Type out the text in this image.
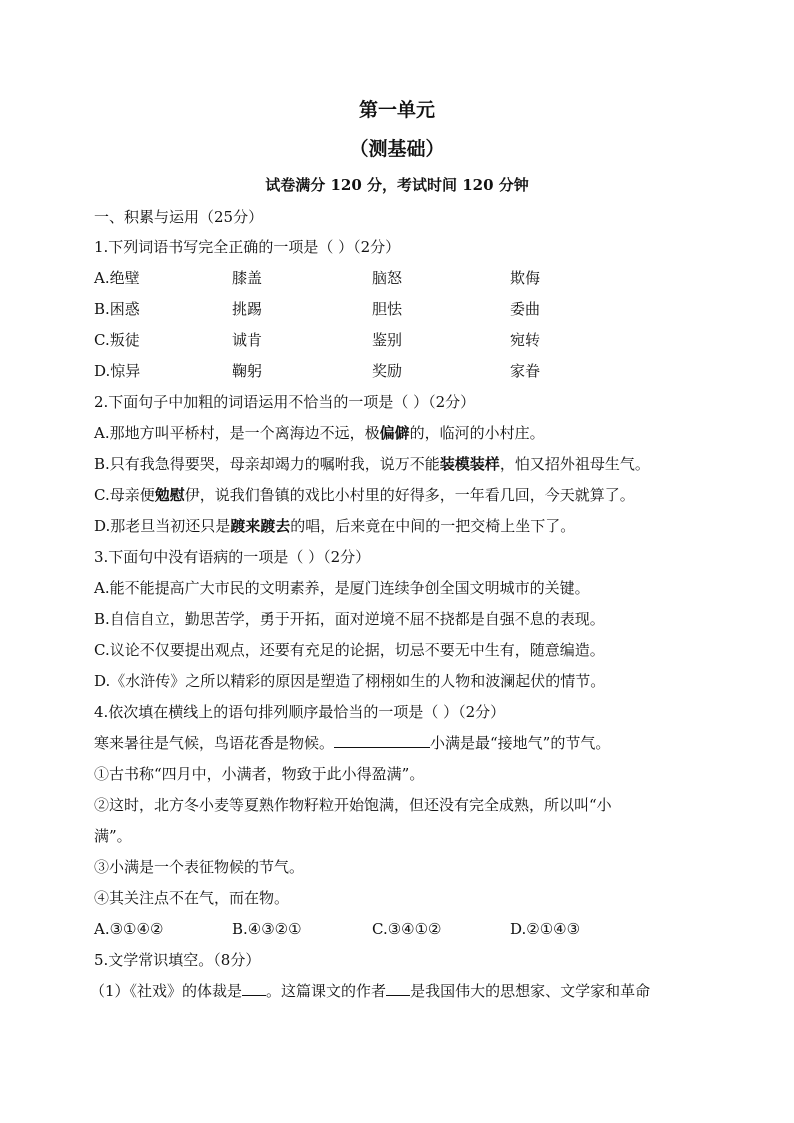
第一单元
（测基础）
试卷满分 120 分，考试时间 120 分钟
一、积累与运用（25分）
1.下列词语书写完全正确的一项是（ ）（2分）
A.绝壁	膝盖	脑怒	欺侮
B.困惑	挑踢	胆怯	委曲
C.叛徒	诚肯	鉴别	宛转
D.惊异	鞠躬	奖励	家眷
2.下面句子中加粗的词语运用不恰当的一项是（ ）（2分）
A.那地方叫平桥村，是一个离海边不远，极偏僻的，临河的小村庄。
B.只有我急得要哭，母亲却竭力的嘱咐我，说万不能装模装样，怕又招外祖母生气。
C.母亲便勉慰伊，说我们鲁镇的戏比小村里的好得多，一年看几回，今天就算了。
D.那老旦当初还只是踱来踱去的唱，后来竟在中间的一把交椅上坐下了。
3.下面句中没有语病的一项是（ ）（2分）
A.能不能提高广大市民的文明素养，是厦门连续争创全国文明城市的关键。
B.自信自立，勤思苦学，勇于开拓，面对逆境不屈不挠都是自强不息的表现。
C.议论不仅要提出观点，还要有充足的论据，切忌不要无中生有，随意编造。
D.《水浒传》之所以精彩的原因是塑造了栩栩如生的人物和波澜起伏的情节。
4.依次填在横线上的语句排列顺序最恰当的一项是（ ）（2分）
寒来暑往是气候，鸟语花香是物候。	小满是最“接地气”的节气。
①古书称“四月中，小满者，物致于此小得盈满”。
②这时，北方冬小麦等夏熟作物籽粒开始饱满，但还没有完全成熟，所以叫“小
满”。
③小满是一个表征物候的节气。
④其关注点不在气，而在物。
A.③①④②	B.④③②①	C.③④①②	D.②①④③
5.文学常识填空。（8分）
（1）《社戏》的体裁是 。这篇课文的作者 是我国伟大的思想家、文学家和革命
